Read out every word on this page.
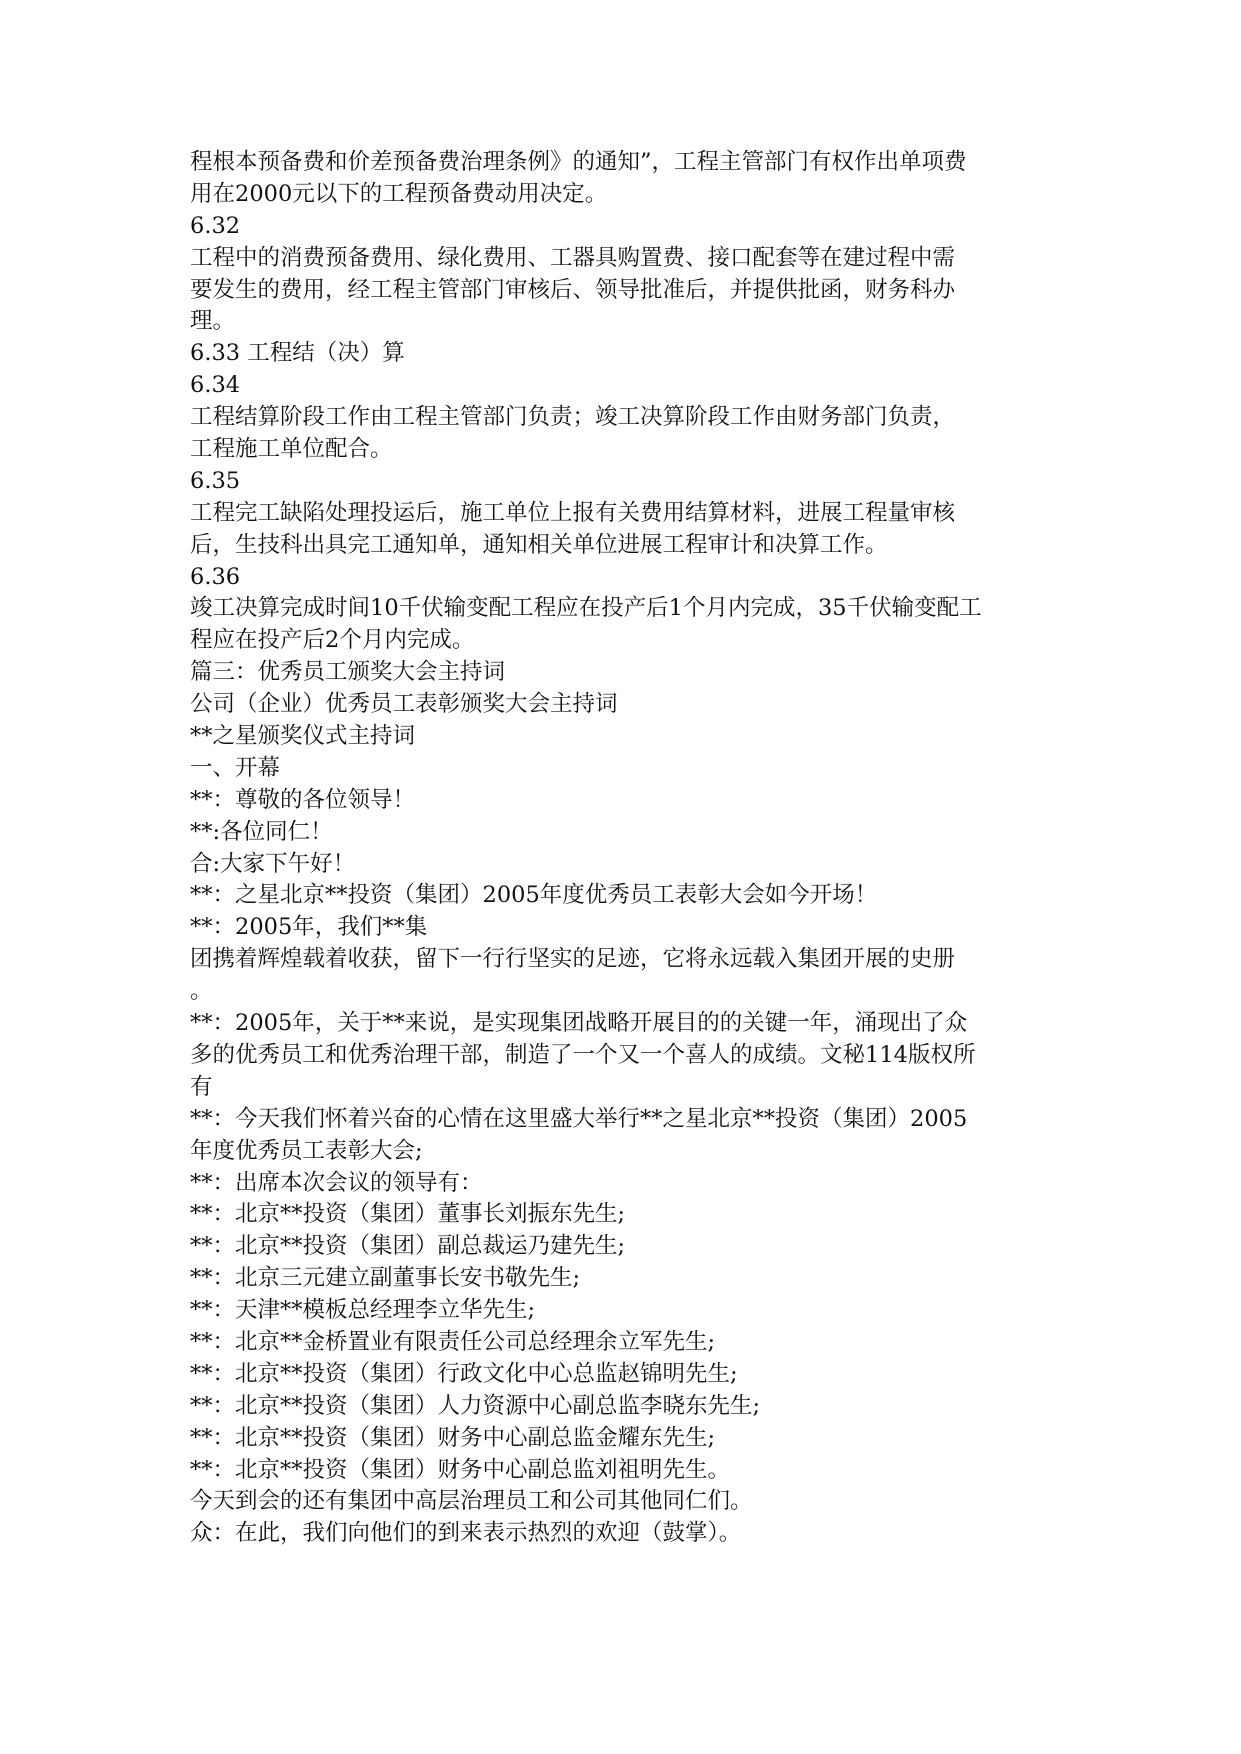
程根本预备费和价差预备费治理条例》的通知”，工程主管部门有权作出单项费
用在2000元以下的工程预备费动用决定。
6.32
工程中的消费预备费用、绿化费用、工器具购置费、接口配套等在建过程中需
要发生的费用，经工程主管部门审核后、领导批准后，并提供批函，财务科办
理。
6.33 工程结（决）算
6.34
工程结算阶段工作由工程主管部门负责；竣工决算阶段工作由财务部门负责，
工程施工单位配合。
6.35
工程完工缺陷处理投运后，施工单位上报有关费用结算材料，进展工程量审核
后，生技科出具完工通知单，通知相关单位进展工程审计和决算工作。
6.36
竣工决算完成时间10千伏输变配工程应在投产后1个月内完成，35千伏输变配工
程应在投产后2个月内完成。
篇三：优秀员工颁奖大会主持词
公司（企业）优秀员工表彰颁奖大会主持词
**之星颁奖仪式主持词
一、开幕
**：尊敬的各位领导！
**:各位同仁！
合:大家下午好！
**：之星北京**投资（集团）2005年度优秀员工表彰大会如今开场！
**：2005年，我们**集
团携着辉煌载着收获，留下一行行坚实的足迹，它将永远载入集团开展的史册
。
**：2005年，关于**来说，是实现集团战略开展目的的关键一年，涌现出了众
多的优秀员工和优秀治理干部，制造了一个又一个喜人的成绩。文秘114版权所
有
**：今天我们怀着兴奋的心情在这里盛大举行**之星北京**投资（集团）2005
年度优秀员工表彰大会;
**：出席本次会议的领导有：
**：北京**投资（集团）董事长刘振东先生;
**：北京**投资（集团）副总裁运乃建先生;
**：北京三元建立副董事长安书敬先生;
**：天津**模板总经理李立华先生;
**：北京**金桥置业有限责任公司总经理余立军先生;
**：北京**投资（集团）行政文化中心总监赵锦明先生;
**：北京**投资（集团）人力资源中心副总监李晓东先生;
**：北京**投资（集团）财务中心副总监金耀东先生;
**：北京**投资（集团）财务中心副总监刘祖明先生。
今天到会的还有集团中高层治理员工和公司其他同仁们。
众：在此，我们向他们的到来表示热烈的欢迎（鼓掌）。
